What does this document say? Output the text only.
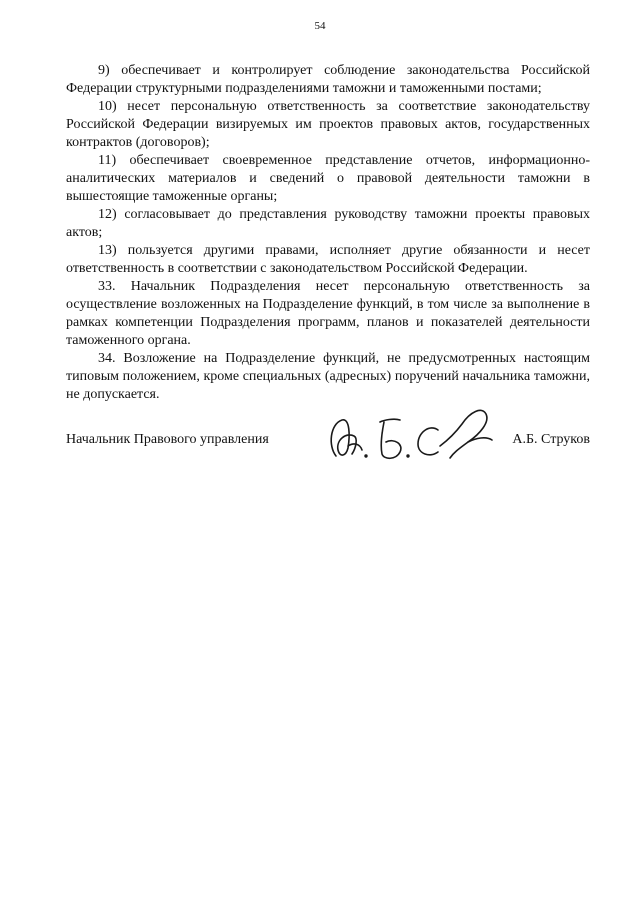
54

9) обеспечивает и контролирует соблюдение законодательства Российской Федерации структурными подразделениями таможни и таможенными постами;

10) несет персональную ответственность за соответствие законодательству Российской Федерации визируемых им проектов правовых актов, государственных контрактов (договоров);

11) обеспечивает своевременное представление отчетов, информационно-аналитических материалов и сведений о правовой деятельности таможни в вышестоящие таможенные органы;

12) согласовывает до представления руководству таможни проекты правовых актов;

13) пользуется другими правами, исполняет другие обязанности и несет ответственность в соответствии с законодательством Российской Федерации.

33. Начальник Подразделения несет персональную ответственность за осуществление возложенных на Подразделение функций, в том числе за выполнение в рамках компетенции Подразделения программ, планов и показателей деятельности таможенного органа.

34. Возложение на Подразделение функций, не предусмотренных настоящим типовым положением, кроме специальных (адресных) поручений начальника таможни, не допускается.

Начальник Правового управления	А.Б. Струков
